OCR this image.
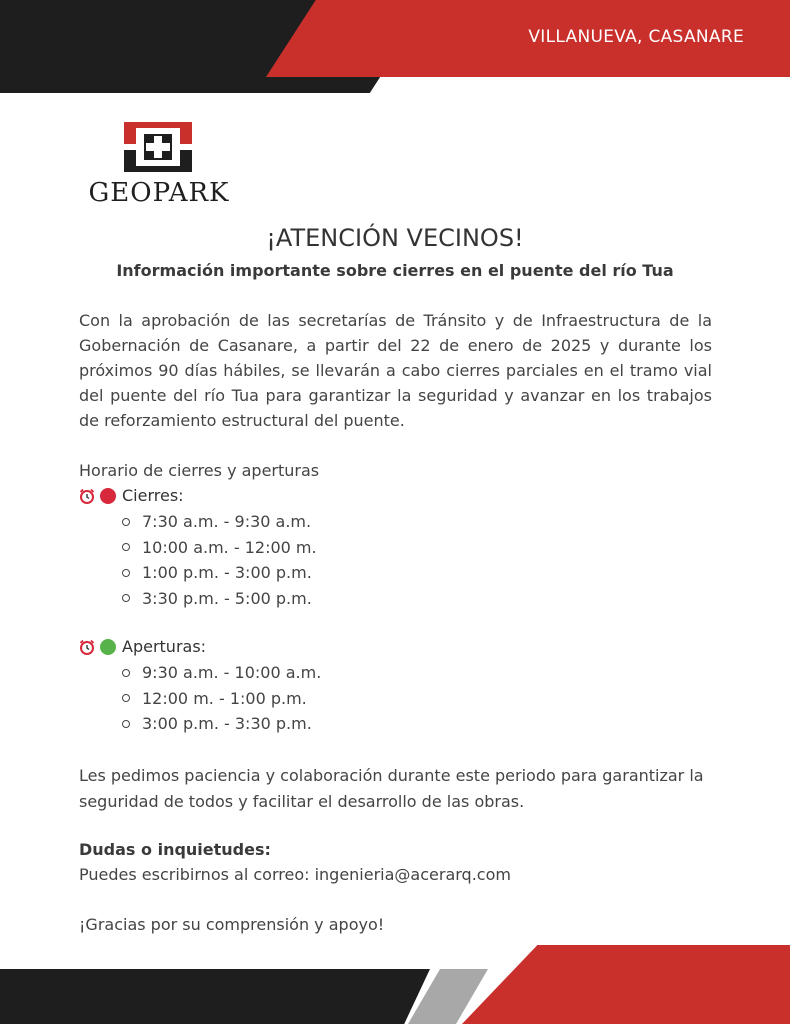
VILLANUEVA, CASANARE
GEOPARK
¡ATENCIÓN VECINOS!
Información importante sobre cierres en el puente del río Tua
Con la aprobación de las secretarías de Tránsito y de Infraestructura de la Gobernación de Casanare, a partir del 22 de enero de 2025 y durante los próximos 90 días hábiles, se llevarán a cabo cierres parciales en el tramo vial del puente del río Tua para garantizar la seguridad y avanzar en los trabajos de reforzamiento estructural del puente.
Horario de cierres y aperturas
Cierres:
7:30 a.m. - 9:30 a.m.
10:00 a.m. - 12:00 m.
1:00 p.m. - 3:00 p.m.
3:30 p.m. - 5:00 p.m.
Aperturas:
9:30 a.m. - 10:00 a.m.
12:00 m. - 1:00 p.m.
3:00 p.m. - 3:30 p.m.
Les pedimos paciencia y colaboración durante este periodo para garantizar la seguridad de todos y facilitar el desarrollo de las obras.
Dudas o inquietudes:
Puedes escribirnos al correo: ingenieria@acerarq.com
¡Gracias por su comprensión y apoyo!
